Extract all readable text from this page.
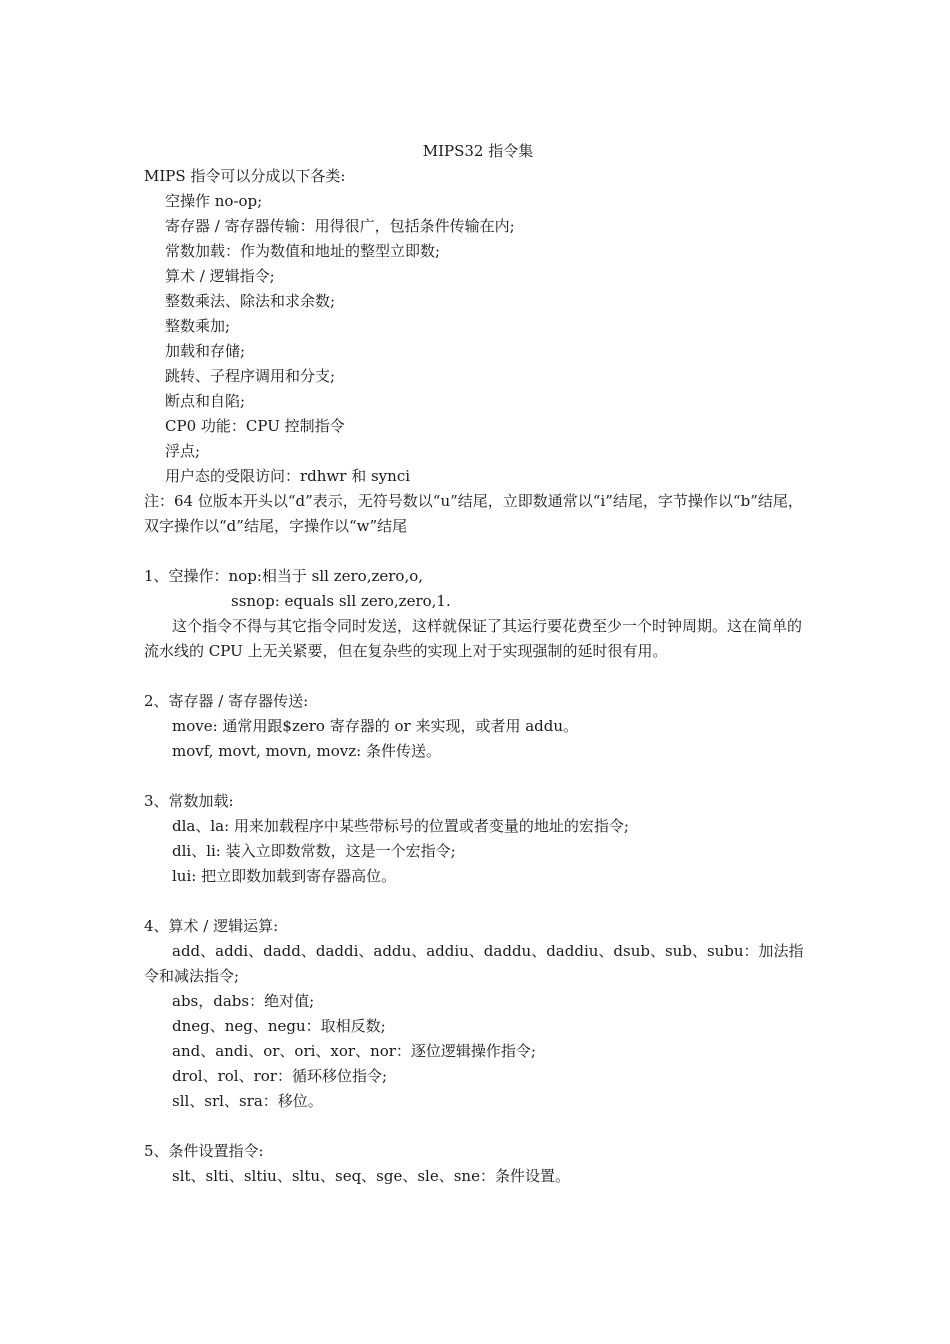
MIPS32 指令集

MIPS 指令可以分成以下各类:

空操作 no-op;

寄存器 / 寄存器传输：用得很广，包括条件传输在内;

常数加载：作为数值和地址的整型立即数;

算术 / 逻辑指令;

整数乘法、除法和求余数;

整数乘加;

加载和存储;

跳转、子程序调用和分支;

断点和自陷;

CP0 功能：CPU 控制指令

浮点;

用户态的受限访问：rdhwr 和 synci

注：64 位版本开头以“d”表示，无符号数以“u”结尾，立即数通常以“i”结尾，字节操作以“b”结尾，双字操作以“d”结尾，字操作以“w”结尾

1、空操作：nop:相当于 sll zero,zero,o,

ssnop: equals sll zero,zero,1.

这个指令不得与其它指令同时发送，这样就保证了其运行要花费至少一个时钟周期。这在简单的流水线的 CPU 上无关紧要，但在复杂些的实现上对于实现强制的延时很有用。

2、寄存器 / 寄存器传送:

move: 通常用跟$zero 寄存器的 or 来实现，或者用 addu。

movf, movt, movn, movz: 条件传送。

3、常数加载:

dla、la: 用来加载程序中某些带标号的位置或者变量的地址的宏指令;

dli、li: 装入立即数常数，这是一个宏指令;

lui: 把立即数加载到寄存器高位。

4、算术 / 逻辑运算:

add、addi、dadd、daddi、addu、addiu、daddu、daddiu、dsub、sub、subu：加法指令和减法指令;

abs，dabs：绝对值;

dneg、neg、negu：取相反数;

and、andi、or、ori、xor、nor：逐位逻辑操作指令;

drol、rol、ror：循环移位指令;

sll、srl、sra：移位。

5、条件设置指令:

slt、slti、sltiu、sltu、seq、sge、sle、sne：条件设置。
